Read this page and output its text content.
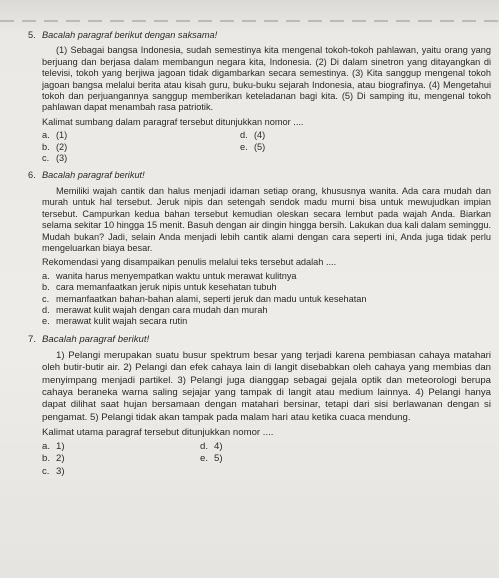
5. Bacalah paragraf berikut dengan saksama!

(1) Sebagai bangsa Indonesia, sudah semestinya kita mengenal tokoh-tokoh pahlawan, yaitu orang yang berjuang dan berjasa dalam membangun negara kita, Indonesia. (2) Di dalam sinetron yang ditayangkan di televisi, tokoh yang berjiwa jagoan tidak digambarkan secara semestinya. (3) Kita sanggup mengenal tokoh jagoan bangsa melalui berita atau kisah guru, buku-buku sejarah Indonesia, atau biografinya. (4) Mengetahui tokoh dan perjuangannya sanggup memberikan keteladanan bagi kita. (5) Di samping itu, mengenal tokoh pahlawan dapat menambah rasa patriotik.

Kalimat sumbang dalam paragraf tersebut ditunjukkan nomor ....
a. (1)	d. (4)
b. (2)	e. (5)
c. (3)
6. Bacalah paragraf berikut!

Memiliki wajah cantik dan halus menjadi idaman setiap orang, khususnya wanita. Ada cara mudah dan murah untuk hal tersebut. Jeruk nipis dan setengah sendok madu murni bisa untuk mewujudkan impian tersebut. Campurkan kedua bahan tersebut kemudian oleskan secara lembut pada wajah Anda. Biarkan selama sekitar 10 hingga 15 menit. Basuh dengan air dingin hingga bersih. Lakukan dua kali dalam seminggu. Mudah bukan? Jadi, selain Anda menjadi lebih cantik alami dengan cara seperti ini, Anda juga tidak perlu mengeluarkan biaya besar.

Rekomendasi yang disampaikan penulis melalui teks tersebut adalah ....
a. wanita harus menyempatkan waktu untuk merawat kulitnya
b. cara memanfaatkan jeruk nipis untuk kesehatan tubuh
c. memanfaatkan bahan-bahan alami, seperti jeruk dan madu untuk kesehatan
d. merawat kulit wajah dengan cara mudah dan murah
e. merawat kulit wajah secara rutin
7. Bacalah paragraf berikut!

1) Pelangi merupakan suatu busur spektrum besar yang terjadi karena pembiasan cahaya matahari oleh butir-butir air. 2) Pelangi dan efek cahaya lain di langit disebabkan oleh cahaya yang membias dan menyimpang menjadi partikel. 3) Pelangi juga dianggap sebagai gejala optik dan meteorologi berupa cahaya beraneka warna saling sejajar yang tampak di langit atau medium lainnya. 4) Pelangi hanya dapat dilihat saat hujan bersamaan dengan matahari bersinar, tetapi dari sisi berlawanan dengan si pengamat. 5) Pelangi tidak akan tampak pada malam hari atau ketika cuaca mendung.

Kalimat utama paragraf tersebut ditunjukkan nomor ....
a. 1)	d. 4)
b. 2)	e. 5)
c. 3)
